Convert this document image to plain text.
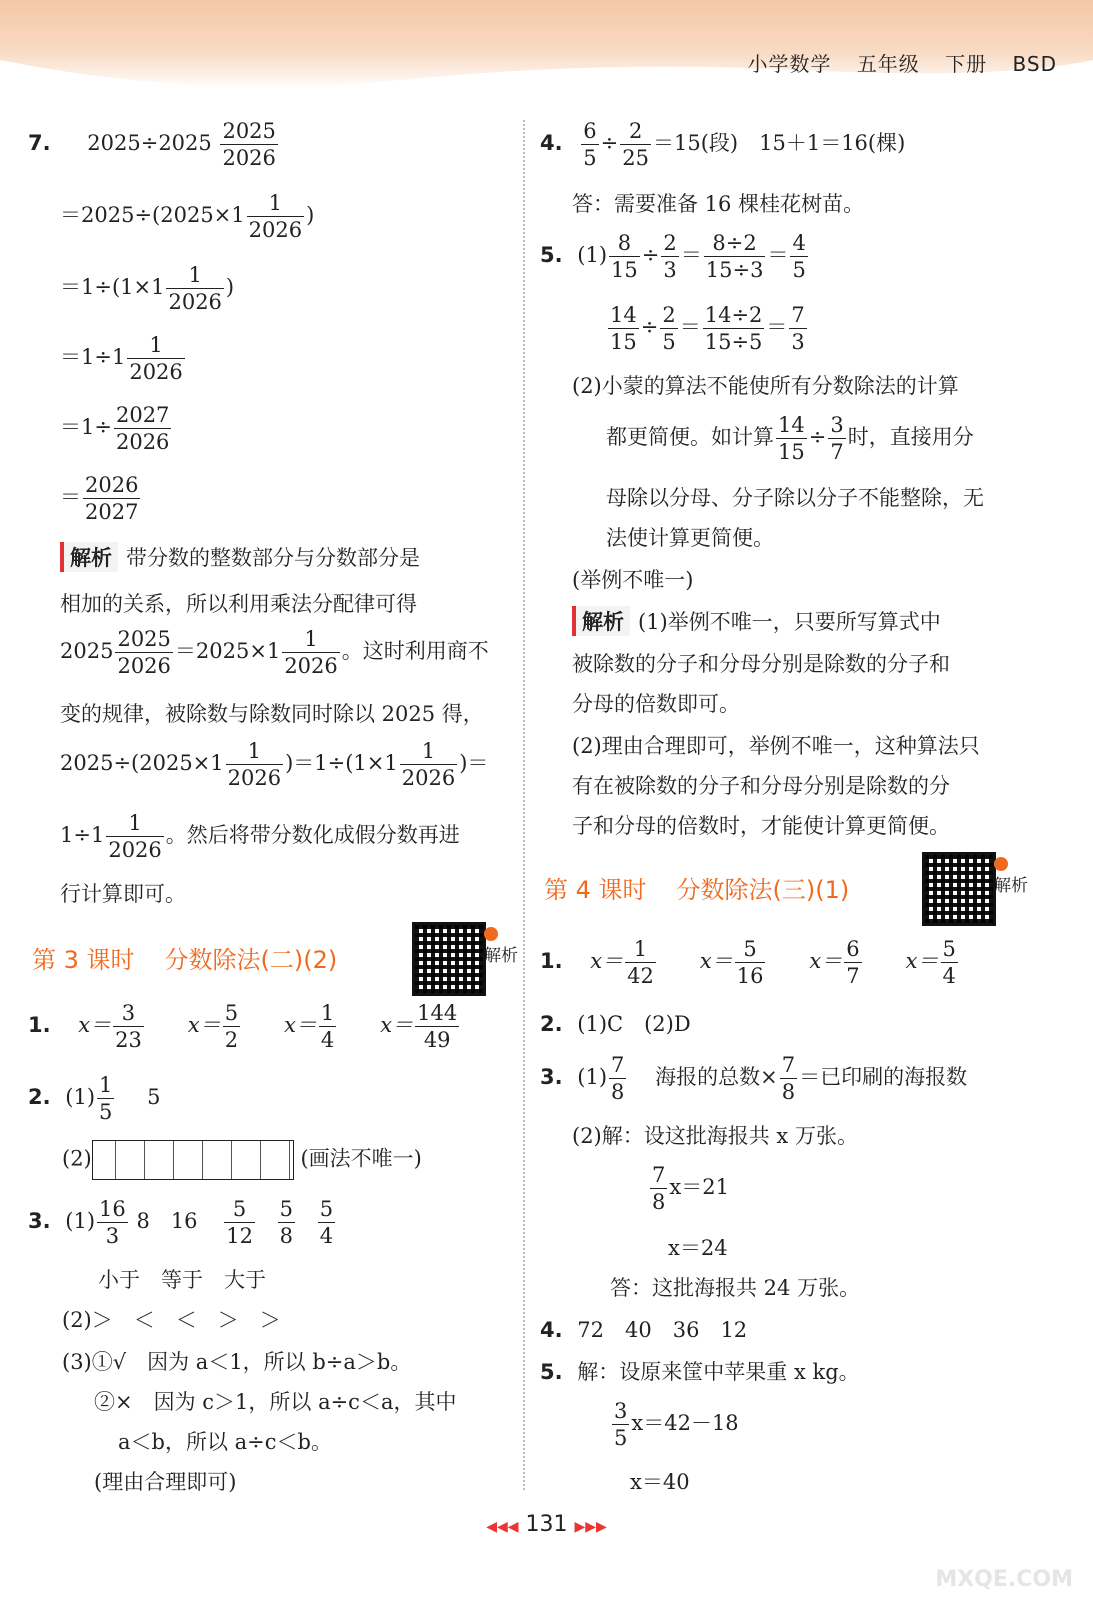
小学数学 五年级 下册 BSD
7. $2025\div 2025 \frac{2025}{2026}$
$=2025\div(2025\times 1 \frac{1}{2026}$ )
$=1\div(1\times 1 \frac{1}{2026}$ )
$=1\div 1 \frac{1}{2026}$
$=1\div \frac{2027}{2026}$
＝ $\frac{2026}{2027}$
解析 带分数的整数部分与分数部分是
相加的关系，所以利用乘法分配律可得
$2025 \frac{2025}{2026} =2025\times 1 \frac{1}{2026}$ 。这时利用商不
变的规律，被除数与除数同时除以 2025 得，
$2025\div(2025\times 1 \frac{1}{2026} )=1\div(1\times 1 \frac{1}{2026}$ )＝
$1\div 1 \frac{1}{2026}$ 。然后将带分数化成假分数再进
行计算即可。
第 3 课时 分数除法(二)(2)	解析
1. 　$x= \frac{3}{23}$ 　　$x= \frac{5}{2}$ 　　$x= \frac{1}{4}$ 　　$x= \frac{144}{49}$
2. $(1) \frac{1}{5} 5$
(2)	(画法不唯一)
3. $(1) \frac{16}{3} 8$　$16 \frac{5}{12}$
$\frac{5}{8}$
$\frac{5}{4}$
小于　等于　大于
(2)＞　＜　＜　＞　＞
(3)①√　因为 a＜1，所以 b÷a＞b。
②×　因为 c＞1，所以 a÷c＜a，其中
a＜b，所以 a÷c＜b。
(理由合理即可)
4. $\frac{6}{5} \div \frac{2}{25} =15$(段)　15＋1＝16(棵)
答：需要准备 16 棵桂花树苗。
5. $(1) \frac{8}{15} \div \frac{2}{3} = \frac{8\div 2}{15\div 3} = \frac{4}{5}$
$\frac{14}{15} \div \frac{2}{5} = \frac{14\div 2}{15\div 5} = \frac{7}{3}$
(2)小蒙的算法不能使所有分数除法的计算
都更简便。如计算 $\frac{14}{15} \div \frac{3}{7}$ 时，直接用分
母除以分母、分子除以分子不能整除，无
法使计算更简便。
(举例不唯一)
解析 (1)举例不唯一，只要所写算式中
被除数的分子和分母分别是除数的分子和
分母的倍数即可。
(2)理由合理即可，举例不唯一，这种算法只
有在被除数的分子和分母分别是除数的分
子和分母的倍数时，才能使计算更简便。
第 4 课时 分数除法(三)(1)	解析
1. 　$x= \frac{1}{42}$ 　　$x= \frac{5}{16}$ 　　$x= \frac{6}{7}$ 　　$x= \frac{5}{4}$
2. (1)C　(2)D
3. $(1) \frac{7}{8}$ 海报的总数× $\frac{7}{8}$ ＝已印刷的海报数
(2)解：设这批海报共 x 万张。
$\frac{7}{8} x=21$
x＝24
答：这批海报共 24 万张。
4. 72　40　36　12
5. 解：设原来筐中苹果重 x kg。
$\frac{3}{5} x=42-18$
x＝40
◀◀◀ 131 ▶▶▶
MXQE.COM
